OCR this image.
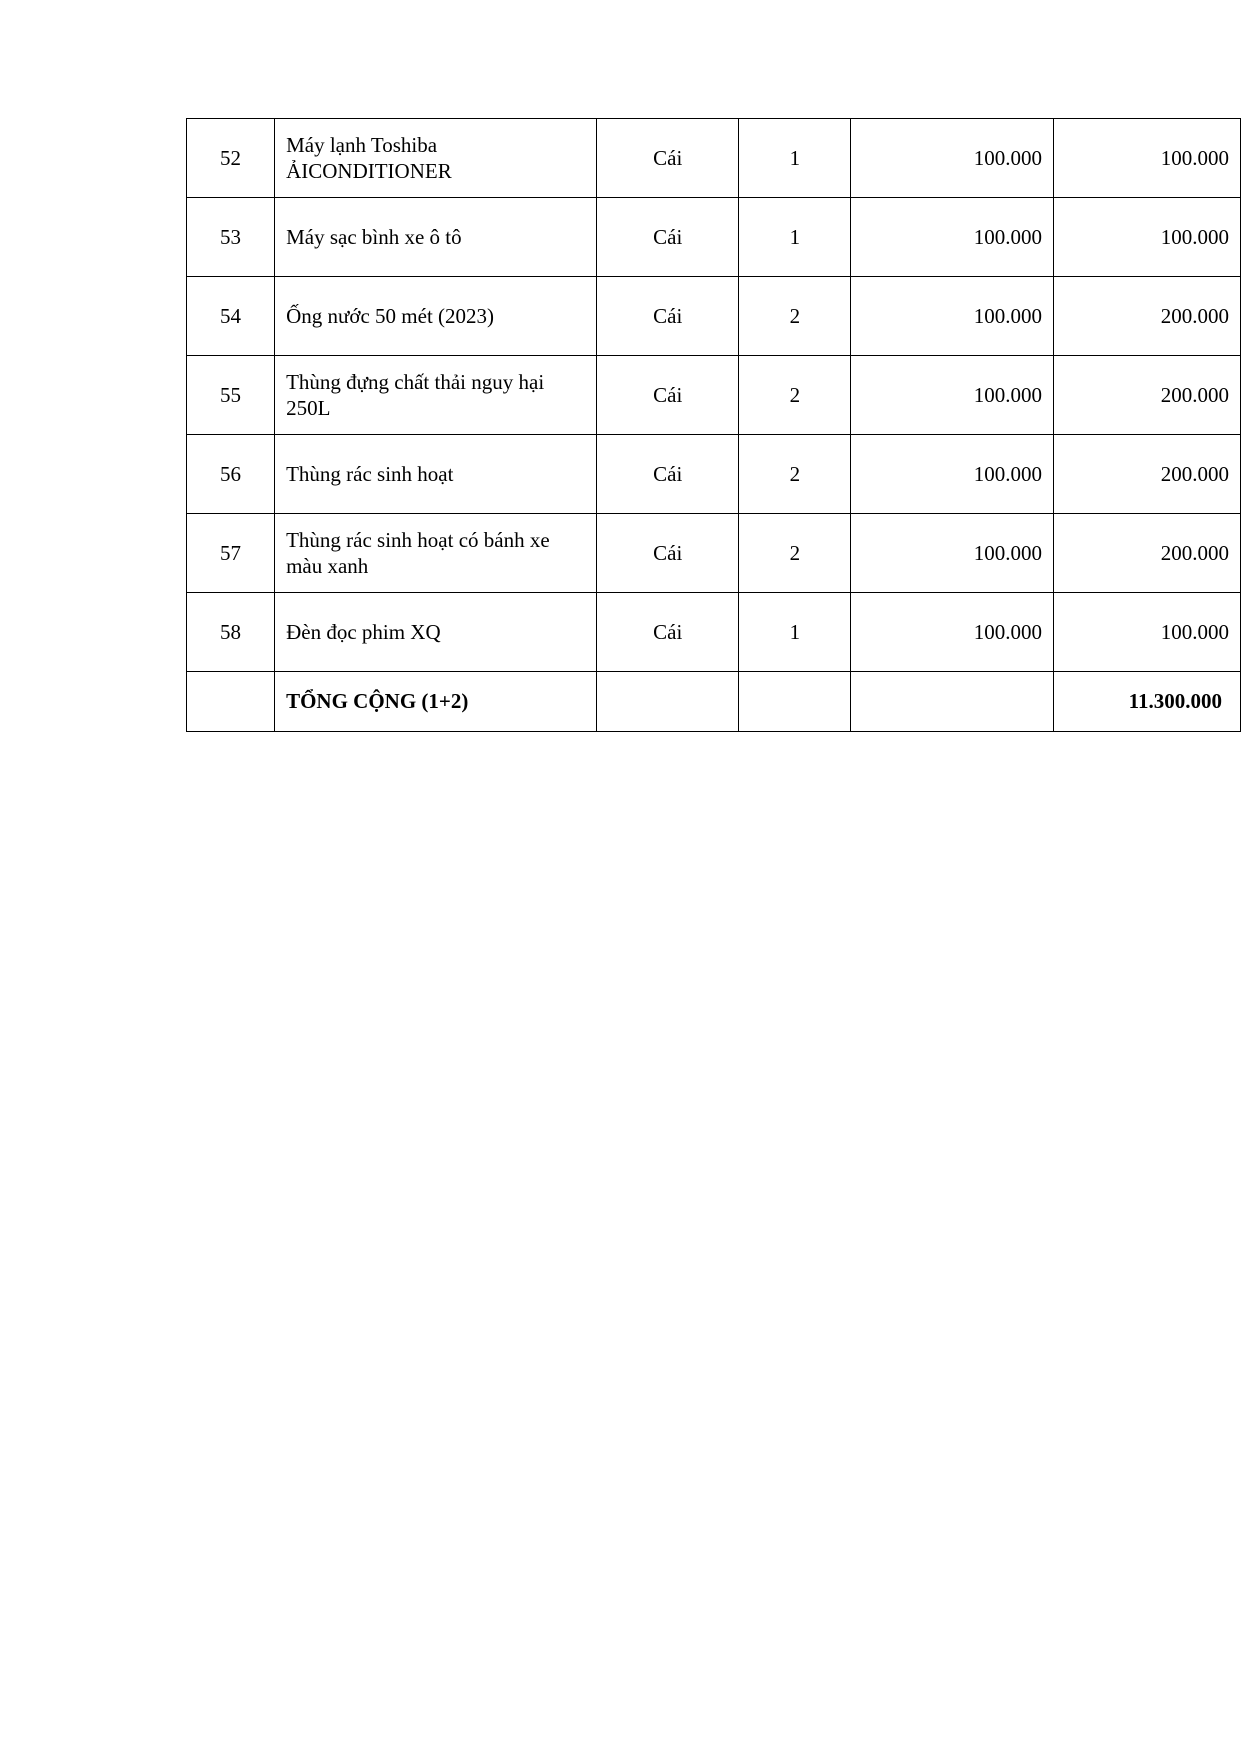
52	Máy lạnh Toshiba ẢICONDITIONER	Cái	1	100.000	100.000
53	Máy sạc bình xe ô tô	Cái	1	100.000	100.000
54	Ống nước 50 mét (2023)	Cái	2	100.000	200.000
55	Thùng đựng chất thải nguy hại 250L	Cái	2	100.000	200.000
56	Thùng rác sinh hoạt	Cái	2	100.000	200.000
57	Thùng rác sinh hoạt có bánh xe màu xanh	Cái	2	100.000	200.000
58	Đèn đọc phim XQ	Cái	1	100.000	100.000
	TỔNG CỘNG (1+2)				11.300.000
